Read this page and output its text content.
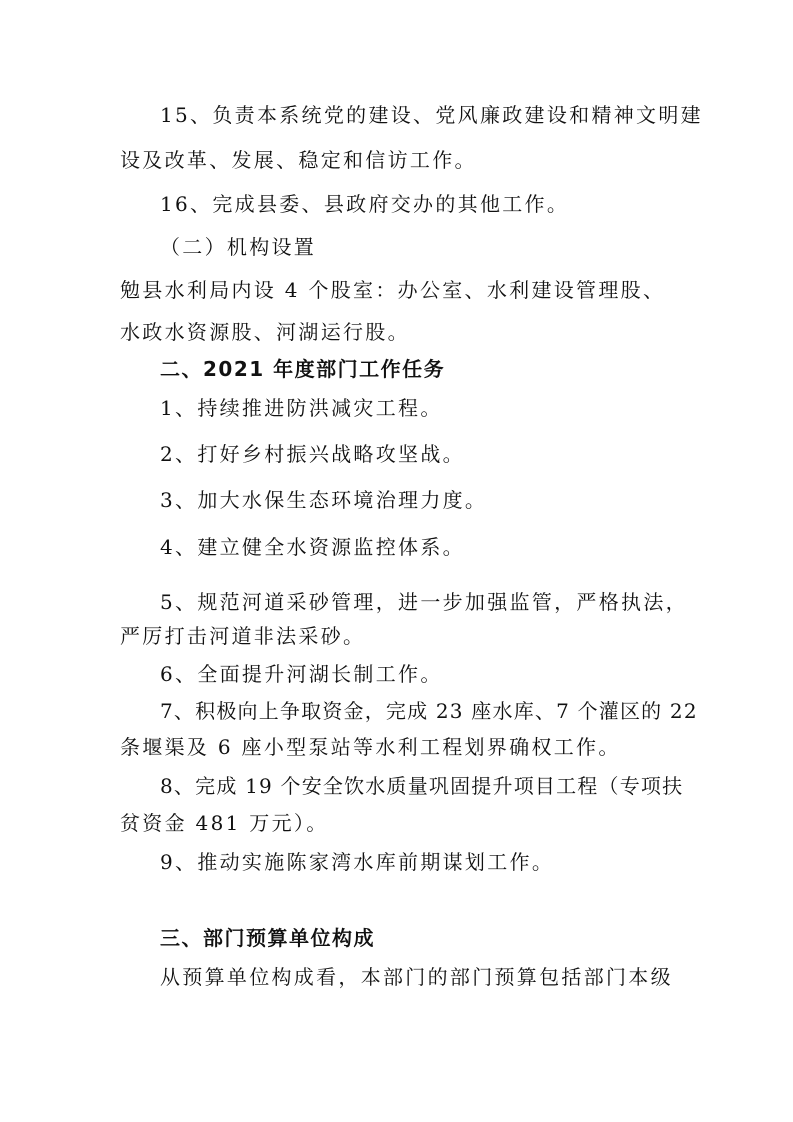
15、负责本系统党的建设、党风廉政建设和精神文明建
设及改革、发展、稳定和信访工作。
16、完成县委、县政府交办的其他工作。
（二）机构设置
勉县水利局内设 4 个股室：办公室、水利建设管理股、
水政水资源股、河湖运行股。
二、2021 年度部门工作任务
1、持续推进防洪减灾工程。
2、打好乡村振兴战略攻坚战。
3、加大水保生态环境治理力度。
4、建立健全水资源监控体系。
5、规范河道采砂管理，进一步加强监管，严格执法，
严厉打击河道非法采砂。
6、全面提升河湖长制工作。
7、积极向上争取资金，完成 23 座水库、7 个灌区的 22
条堰渠及 6 座小型泵站等水利工程划界确权工作。
8、完成 19 个安全饮水质量巩固提升项目工程（专项扶
贫资金 481 万元）。
9、推动实施陈家湾水库前期谋划工作。
三、部门预算单位构成
从预算单位构成看，本部门的部门预算包括部门本级
